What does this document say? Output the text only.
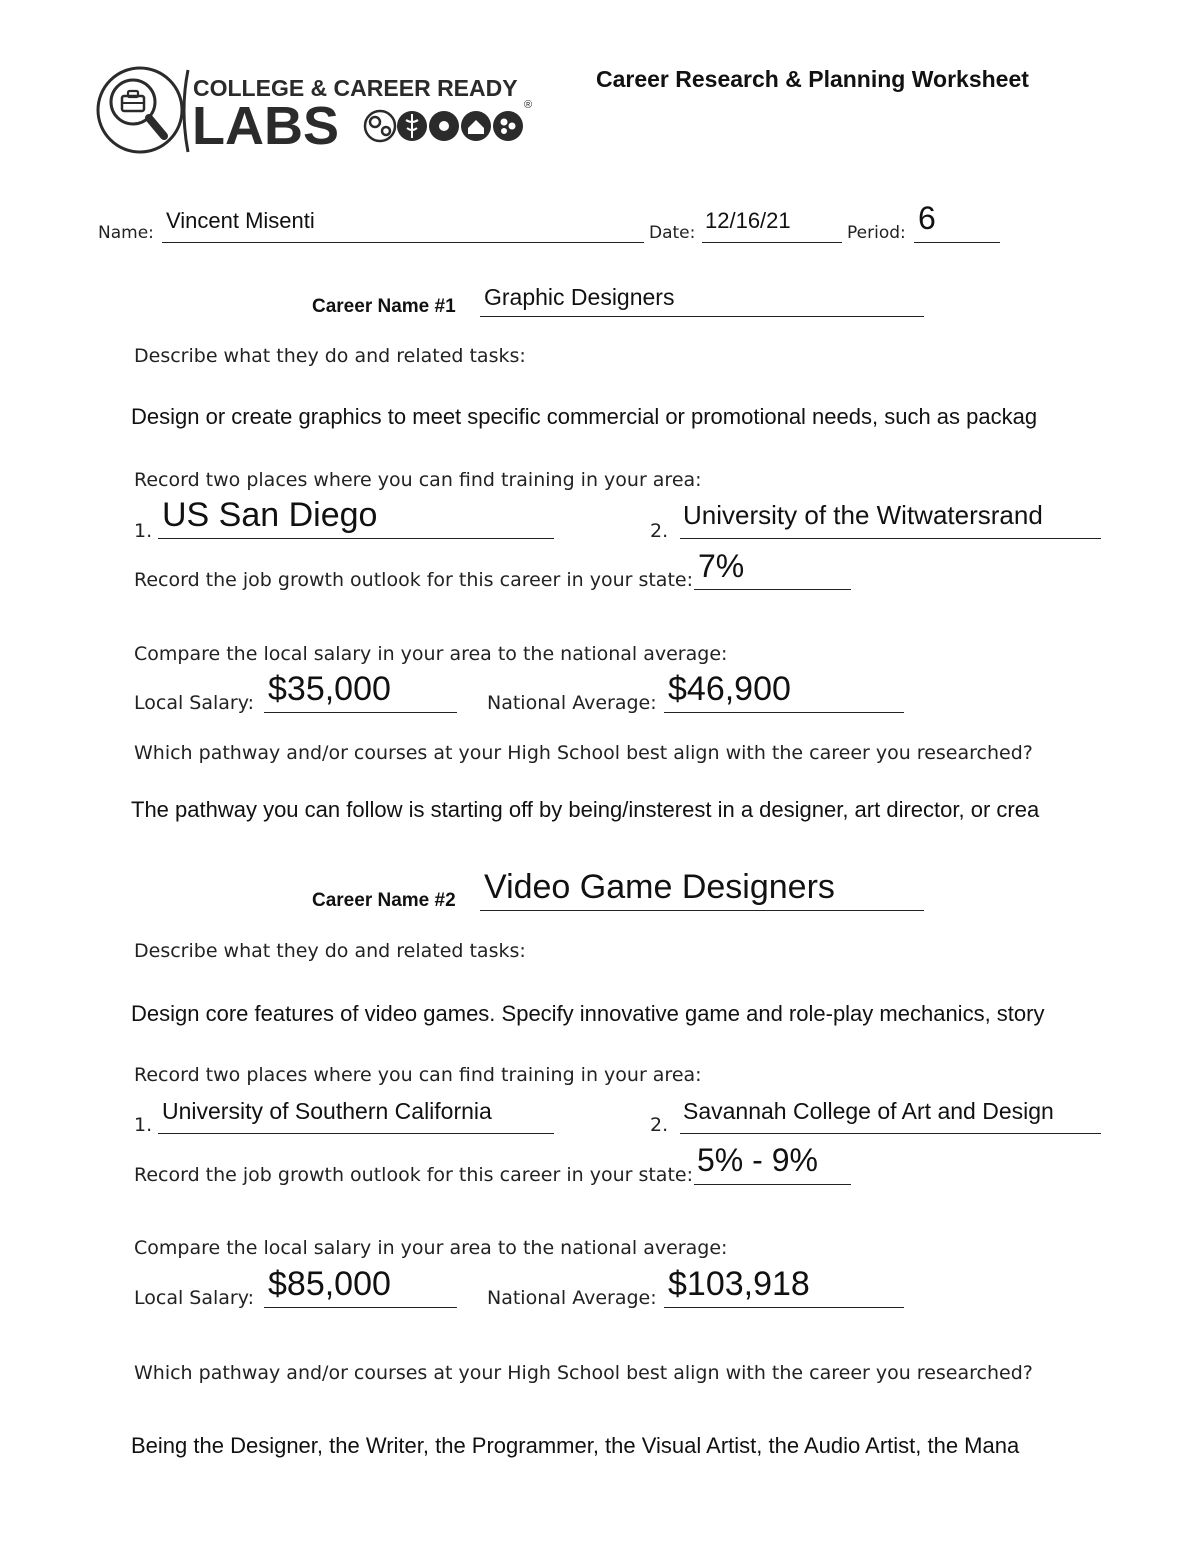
COLLEGE & CAREER READY
LABS	®
Career Research & Planning Worksheet
Name: Vincent Misenti	Date: 12/16/21	Period: 6
Career Name #1 Graphic Designers
Describe what they do and related tasks:
Design or create graphics to meet specific commercial or promotional needs, such as packag
Record two places where you can find training in your area:
1. US San Diego	2.
University of the Witwatersrand
Record the job growth outlook for this career in your state: 7%
Compare the local salary in your area to the national average:
Local Salary: $35,000	National Average: $46,900
Which pathway and/or courses at your High School best align with the career you researched?
The pathway you can follow is starting off by being/insterest in a designer, art director, or crea
Career Name #2 Video Game Designers
Describe what they do and related tasks:
Design core features of video games. Specify innovative game and role-play mechanics, story
Record two places where you can find training in your area:
1.
University of Southern California
2.
Savannah College of Art and Design
Record the job growth outlook for this career in your state: 5% - 9%
Compare the local salary in your area to the national average:
Local Salary: $85,000	National Average: $103,918
Which pathway and/or courses at your High School best align with the career you researched?
Being the Designer, the Writer, the Programmer, the Visual Artist, the Audio Artist, the Mana
